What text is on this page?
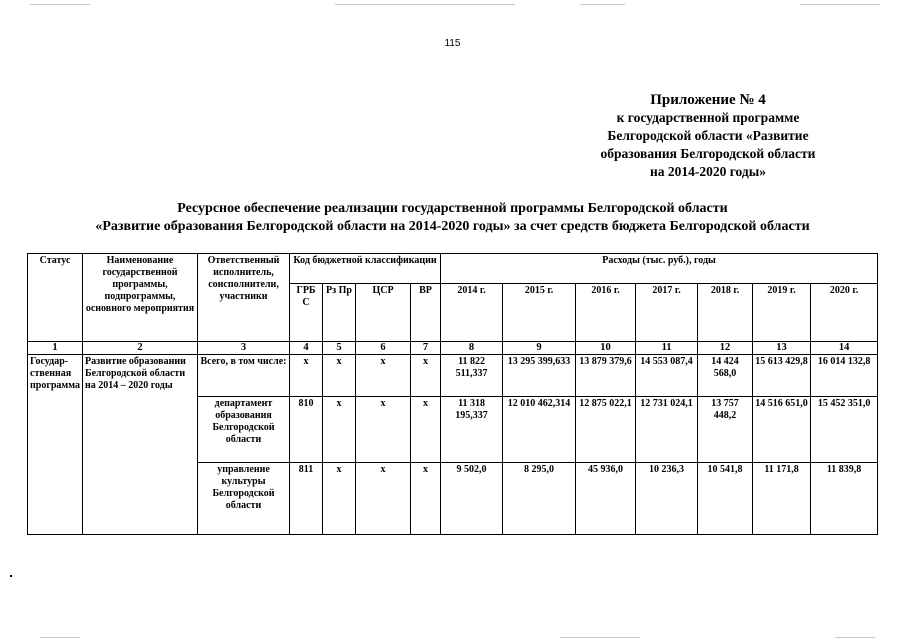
115
Приложение № 4
к государственной программе
Белгородской области «Развитие
образования Белгородской области
на 2014-2020 годы»
Ресурсное обеспечение реализации государственной программы Белгородской области
«Развитие образования Белгородской области на 2014-2020 годы» за счет средств бюджета Белгородской области
Статус	Наименование государственной программы, подпрограммы, основного мероприятия	Ответственный исполнитель, соисполнители, участники	Код бюджетной классификации				Расходы (тыс. руб.), годы						
			ГРБ С	Рз Пр	ЦСР	ВР	2014 г.	2015 г.	2016 г.	2017 г.	2018 г.	2019 г.	2020 г.
1	2	3	4	5	6	7	8	9	10	11	12	13	14
Государ-ственная программа	Развитие образовании Белгородской области на 2014 – 2020 годы	Всего, в том числе:	х	х	х	х	11 822 511,337	13 295 399,633	13 879 379,6	14 553 087,4	14 424 568,0	15 613 429,8	16 014 132,8
		департамент образования Белгородской области	810	х	х	х	11 318 195,337	12 010 462,314	12 875 022,1	12 731 024,1	13 757 448,2	14 516 651,0	15 452 351,0
		управление культуры Белгородской области	811	х	х	х	9 502,0	8 295,0	45 936,0	10 236,3	10 541,8	11 171,8	11 839,8
